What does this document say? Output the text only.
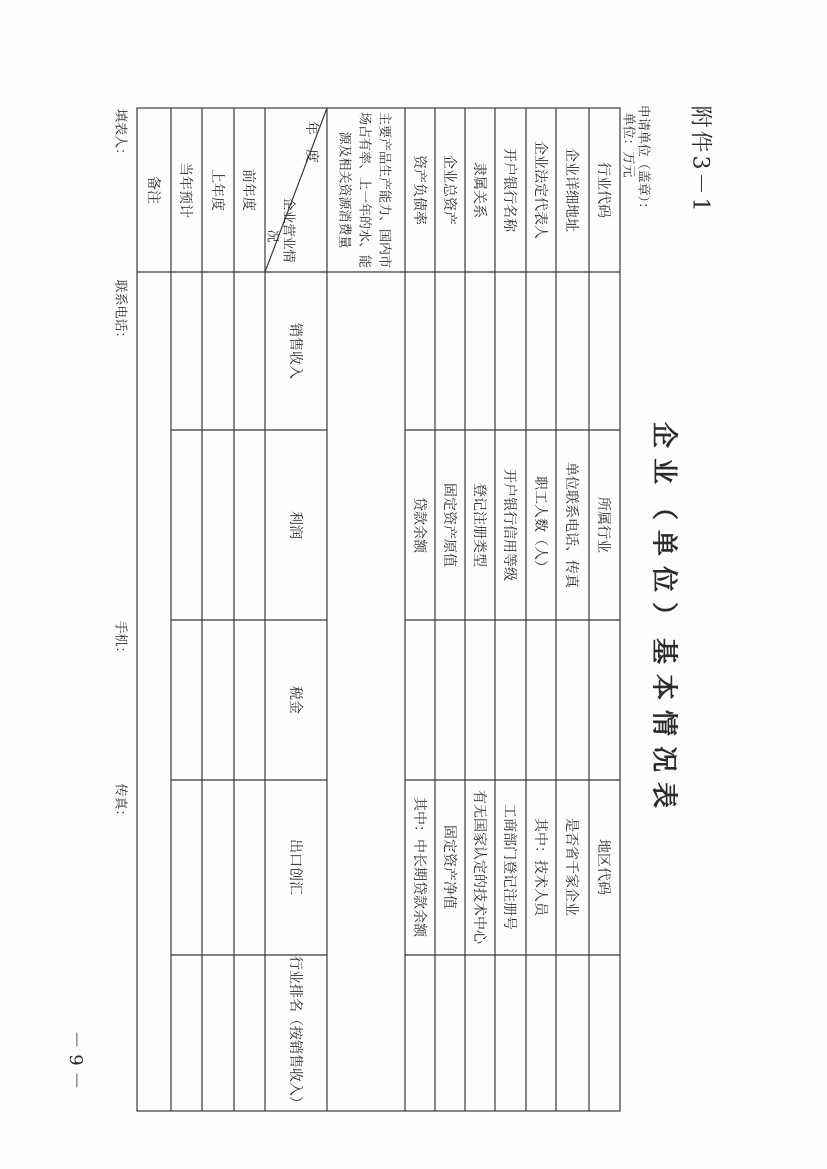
附件3－1
企业（单位）基本情况表
－ 9 －
申请单位（盖章）：
单位：万元
行业代码
所属行业
地区代码
企业详细地址
单位联系电话、传真
是否省千家企业
企业法定代表人
职工人数（人）
其中：技术人员
开户银行名称
开户银行信用等级
工商部门登记注册号
隶属关系
登记注册类型
有无国家认定的技术中心
企业总资产
固定资产原值
固定资产净值
资产负债率
贷款余额
其中：中长期贷款余额
主要产品生产能力、国内市
场占有率、上一年的水、能
源及相关资源消费量
年　度
企业营业情
况
销售收入
利润
税金
出口创汇
行业排名（按销售收入）
前年度
上年度
当年预计
备注
填表人：
联系电话：
手机：
传真：
